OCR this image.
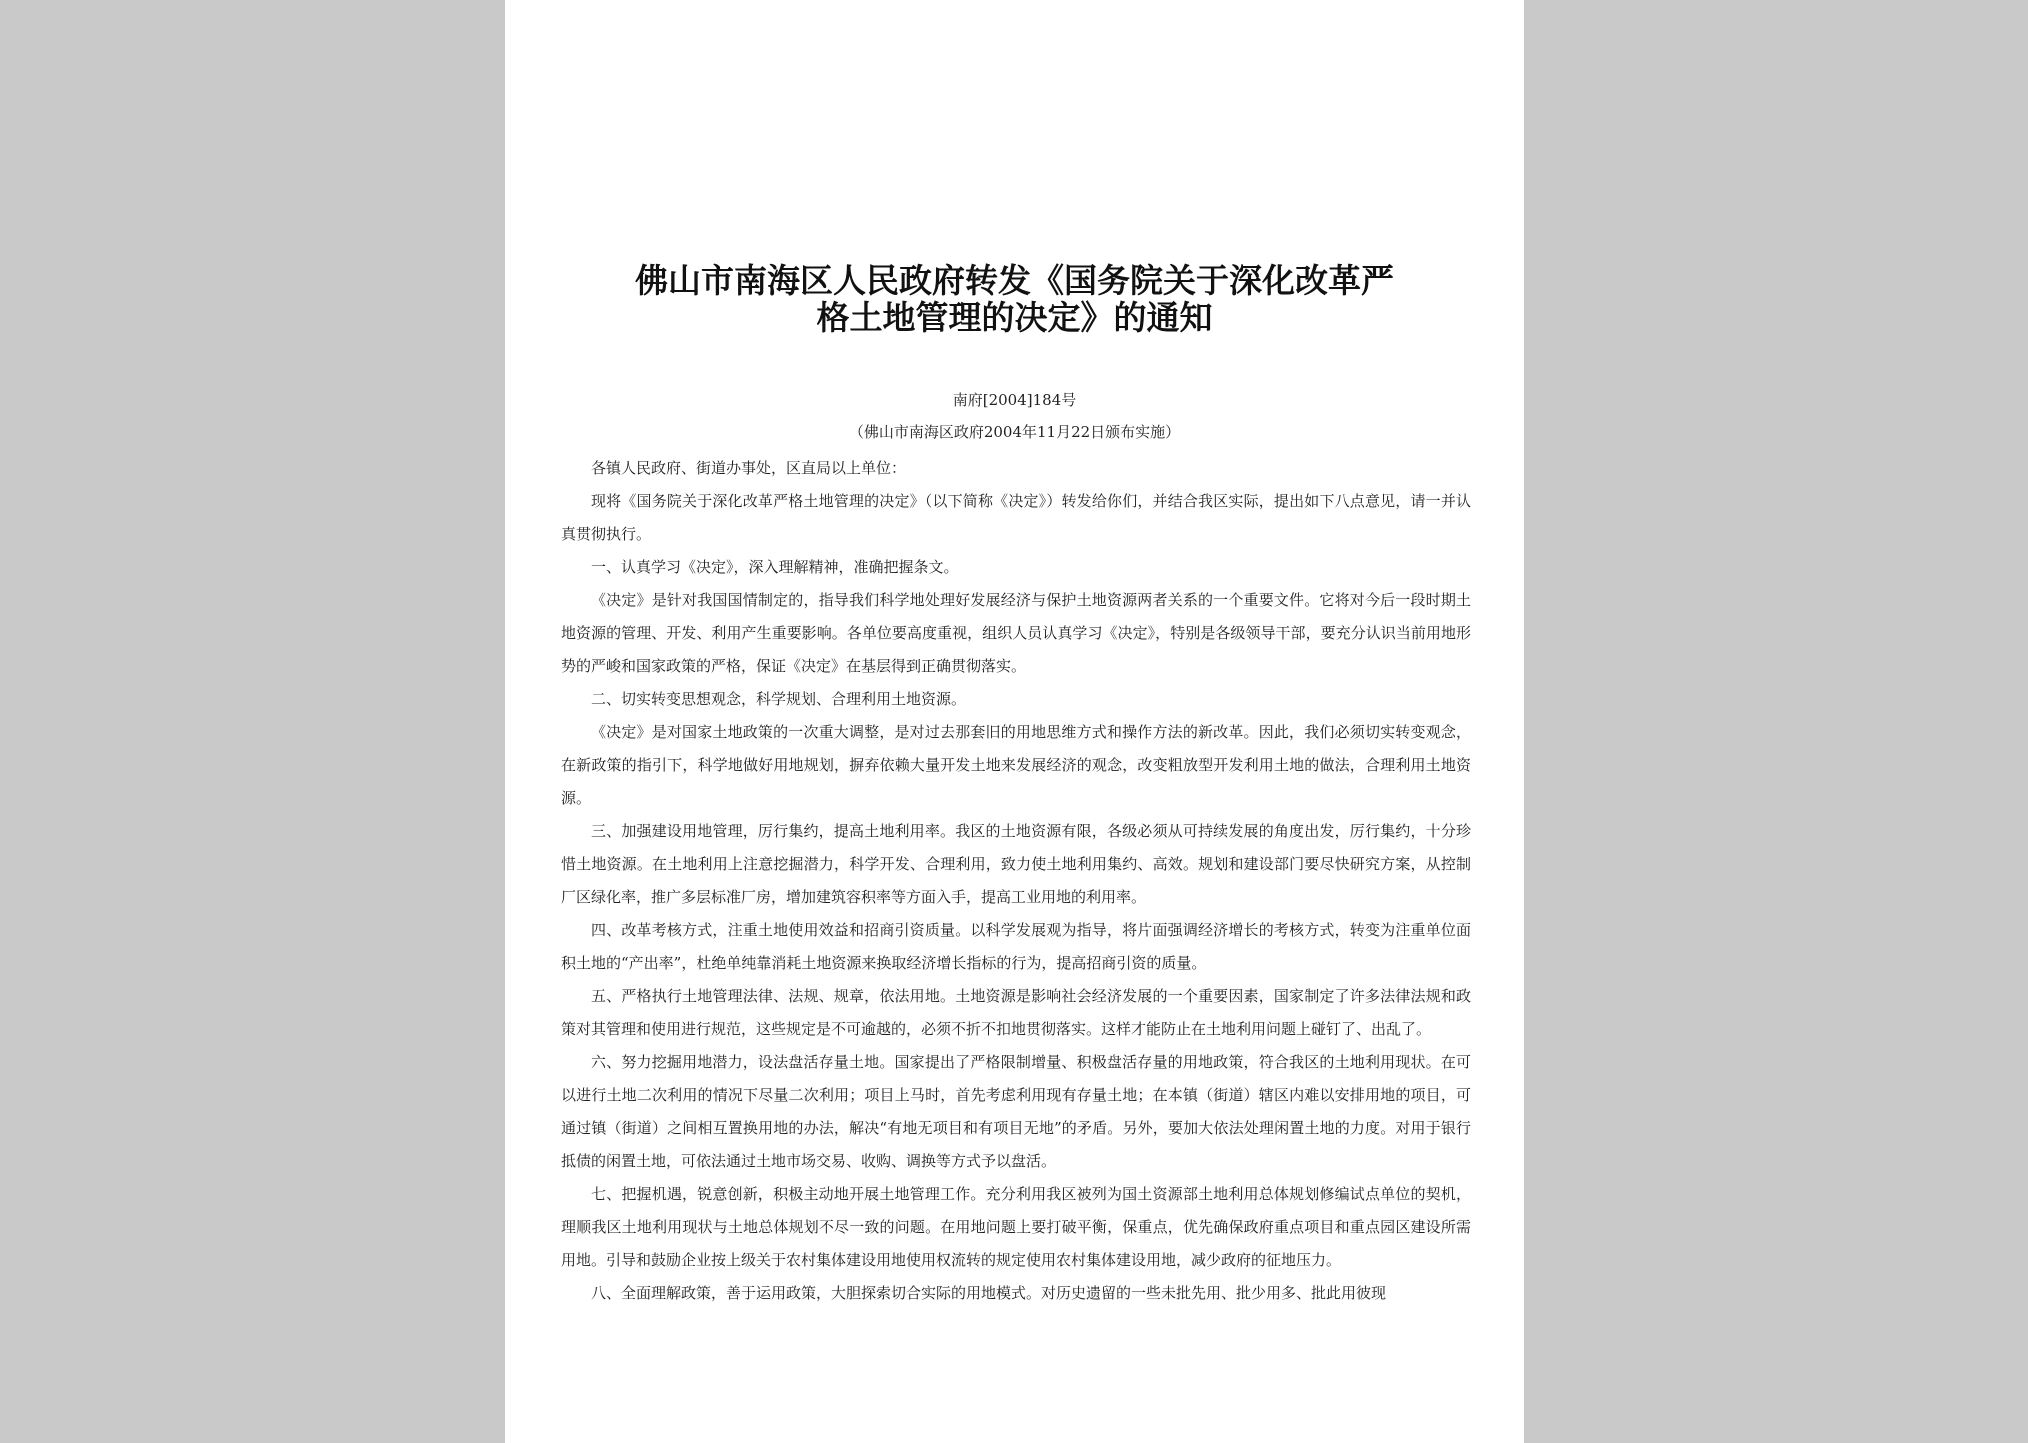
佛山市南海区人民政府转发《国务院关于深化改革严
格土地管理的决定》的通知
南府[2004]184号
（佛山市南海区政府2004年11月22日颁布实施）

各镇人民政府、街道办事处，区直局以上单位：

现将《国务院关于深化改革严格土地管理的决定》（以下简称《决定》）转发给你们，并结合我区实际，提出如下八点意见，请一并认真贯彻执行。

一、认真学习《决定》，深入理解精神，准确把握条文。

《决定》是针对我国国情制定的，指导我们科学地处理好发展经济与保护土地资源两者关系的一个重要文件。它将对今后一段时期土地资源的管理、开发、利用产生重要影响。各单位要高度重视，组织人员认真学习《决定》，特别是各级领导干部，要充分认识当前用地形势的严峻和国家政策的严格，保证《决定》在基层得到正确贯彻落实。

二、切实转变思想观念，科学规划、合理利用土地资源。

《决定》是对国家土地政策的一次重大调整，是对过去那套旧的用地思维方式和操作方法的新改革。因此，我们必须切实转变观念，在新政策的指引下，科学地做好用地规划，摒弃依赖大量开发土地来发展经济的观念，改变粗放型开发利用土地的做法，合理利用土地资源。

三、加强建设用地管理，厉行集约，提高土地利用率。我区的土地资源有限，各级必须从可持续发展的角度出发，厉行集约，十分珍惜土地资源。在土地利用上注意挖掘潜力，科学开发、合理利用，致力使土地利用集约、高效。规划和建设部门要尽快研究方案，从控制厂区绿化率，推广多层标准厂房，增加建筑容积率等方面入手，提高工业用地的利用率。

四、改革考核方式，注重土地使用效益和招商引资质量。以科学发展观为指导，将片面强调经济增长的考核方式，转变为注重单位面积土地的“产出率”，杜绝单纯靠消耗土地资源来换取经济增长指标的行为，提高招商引资的质量。

五、严格执行土地管理法律、法规、规章，依法用地。土地资源是影响社会经济发展的一个重要因素，国家制定了许多法律法规和政策对其管理和使用进行规范，这些规定是不可逾越的，必须不折不扣地贯彻落实。这样才能防止在土地利用问题上碰钉了、出乱了。

六、努力挖掘用地潜力，设法盘活存量土地。国家提出了严格限制增量、积极盘活存量的用地政策，符合我区的土地利用现状。在可以进行土地二次利用的情况下尽量二次利用；项目上马时，首先考虑利用现有存量土地；在本镇（街道）辖区内难以安排用地的项目，可通过镇（街道）之间相互置换用地的办法，解决“有地无项目和有项目无地”的矛盾。另外，要加大依法处理闲置土地的力度。对用于银行抵债的闲置土地，可依法通过土地市场交易、收购、调换等方式予以盘活。

七、把握机遇，锐意创新，积极主动地开展土地管理工作。充分利用我区被列为国土资源部土地利用总体规划修编试点单位的契机，理顺我区土地利用现状与土地总体规划不尽一致的问题。在用地问题上要打破平衡，保重点，优先确保政府重点项目和重点园区建设所需用地。引导和鼓励企业按上级关于农村集体建设用地使用权流转的规定使用农村集体建设用地，减少政府的征地压力。

八、全面理解政策，善于运用政策，大胆探索切合实际的用地模式。对历史遗留的一些未批先用、批少用多、批此用彼现
